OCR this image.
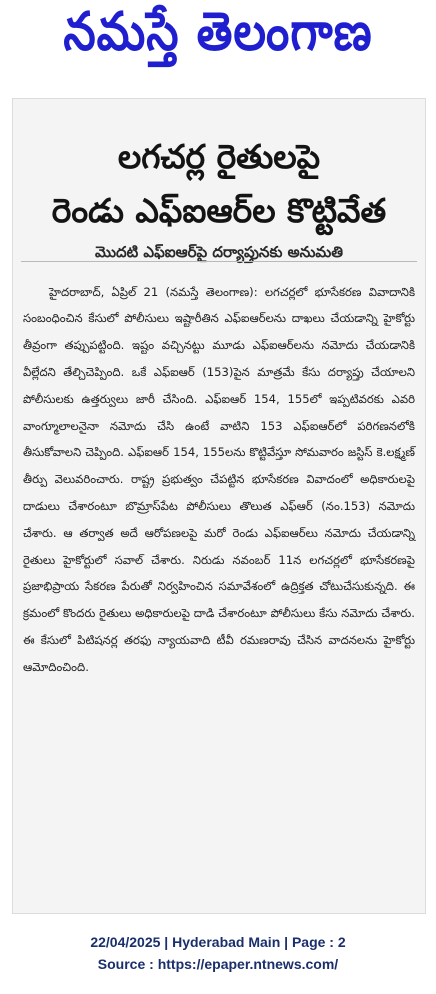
నమస్తే తెలంగాణ
లగచర్ల రైతులపై
రెండు ఎఫ్ఐఆర్‌ల కొట్టివేత
మొదటి ఎఫ్ఐఆర్‌పై దర్యాప్తునకు అనుమతి

హైదరాబాద్, ఏప్రిల్ 21 (నమస్తే తెలంగాణ): లగచర్లలో భూసేకరణ వివాదానికి సంబంధించిన కేసులో పోలీసులు ఇష్టారీతిన ఎఫ్ఐఆర్‌లను దాఖలు చేయడాన్ని హైకోర్టు తీవ్రంగా తప్పుపట్టింది. ఇష్టం వచ్చినట్టు మూడు ఎఫ్ఐఆర్‌లను నమోదు చేయడానికి వీల్లేదని తేల్చిచెప్పింది. ఒకే ఎఫ్ఐఆర్ (153)పైన మాత్రమే కేసు దర్యాప్తు చేయాలని పోలీసులకు ఉత్తర్వులు జారీ చేసింది. ఎఫ్ఐఆర్ 154, 155లో ఇప్పటివరకు ఎవరి వాంగ్మూలాలనైనా నమోదు చేసి ఉంటే వాటిని 153 ఎఫ్ఐఆర్‌లో పరిగణనలోకి తీసుకోవాలని చెప్పింది. ఎఫ్ఐఆర్ 154, 155లను కొట్టివేస్తూ సోమవారం జస్టిస్ కె.లక్ష్మణ్ తీర్పు వెలువరించారు. రాష్ట్ర ప్రభుత్వం చేపట్టిన భూసేకరణ వివాదంలో అధికారులపై దాడులు చేశారంటూ బొమ్రాస్‌పేట పోలీసులు తొలుత ఎఫ్ఆర్ (నం.153) నమోదు చేశారు. ఆ తర్వాత అదే ఆరోపణలపై మరో రెండు ఎఫ్ఐఆర్‌లు నమోదు చేయడాన్ని రైతులు హైకోర్టులో సవాల్ చేశారు. నిరుడు నవంబర్ 11న లగచర్లలో భూసేకరణపై ప్రజాభిప్రాయ సేకరణ పేరుతో నిర్వహించిన సమావేశంలో ఉద్రిక్తత చోటుచేసుకున్నది. ఈ క్రమంలో కొందరు రైతులు అధికారులపై దాడి చేశారంటూ పోలీసులు కేసు నమోదు చేశారు. ఈ కేసులో పిటిషనర్ల తరఫు న్యాయవాది టీవీ రమణరావు చేసిన వాదనలను హైకోర్టు ఆమోదించింది.

22/04/2025 | Hyderabad Main | Page : 2
Source : https://epaper.ntnews.com/
